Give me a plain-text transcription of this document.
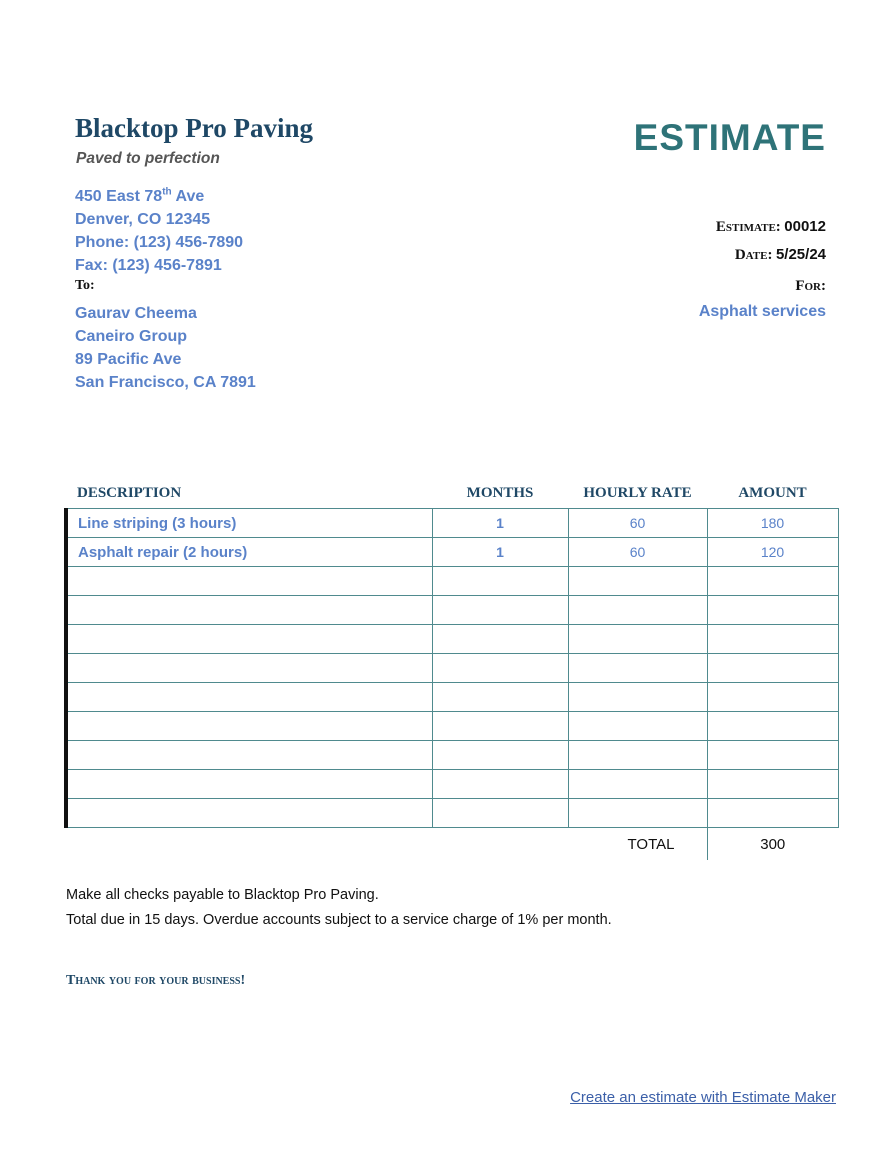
Blacktop Pro Paving
Paved to perfection
ESTIMATE
450 East 78th Ave
Denver, CO 12345
Phone: (123) 456-7890
Fax: (123) 456-7891
To:
Gaurav Cheema
Caneiro Group
89 Pacific Ave
San Francisco, CA 7891
Estimate: 00012
Date: 5/25/24
For:
Asphalt services
DESCRIPTION	MONTHS	HOURLY RATE	AMOUNT
Line striping (3 hours)	1	60	180
Asphalt repair (2 hours)	1	60	120

		TOTAL	300
Make all checks payable to Blacktop Pro Paving.
Total due in 15 days. Overdue accounts subject to a service charge of 1% per month.
Thank you for your business!
Create an estimate with Estimate Maker
